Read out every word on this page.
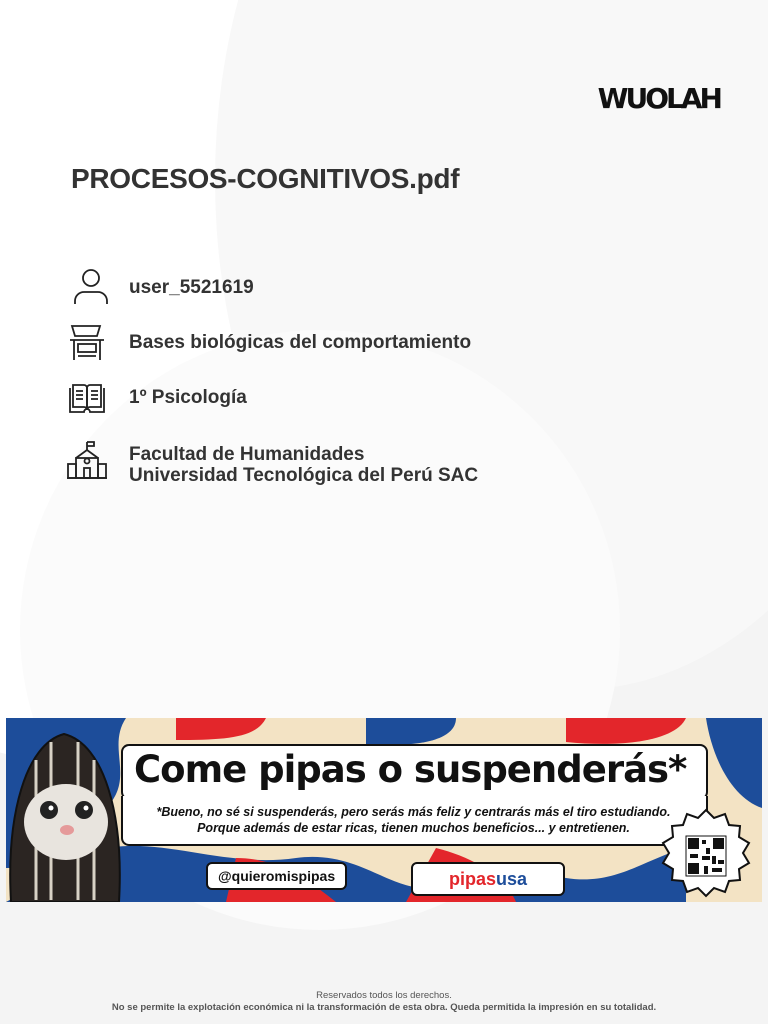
WUOLAH
PROCESOS-COGNITIVOS.pdf
user_5521619
Bases biológicas del comportamiento
1º Psicología
Facultad de Humanidades
Universidad Tecnológica del Perú SAC
Come pipas o suspenderás*
*Bueno, no sé si suspenderás, pero serás más feliz y centrarás más el tiro estudiando.
Porque además de estar ricas, tienen muchos beneficios... y entretienen.
@quieromispipas	pipasusa
Reservados todos los derechos.
No se permite la explotación económica ni la transformación de esta obra. Queda permitida la impresión en su totalidad.
